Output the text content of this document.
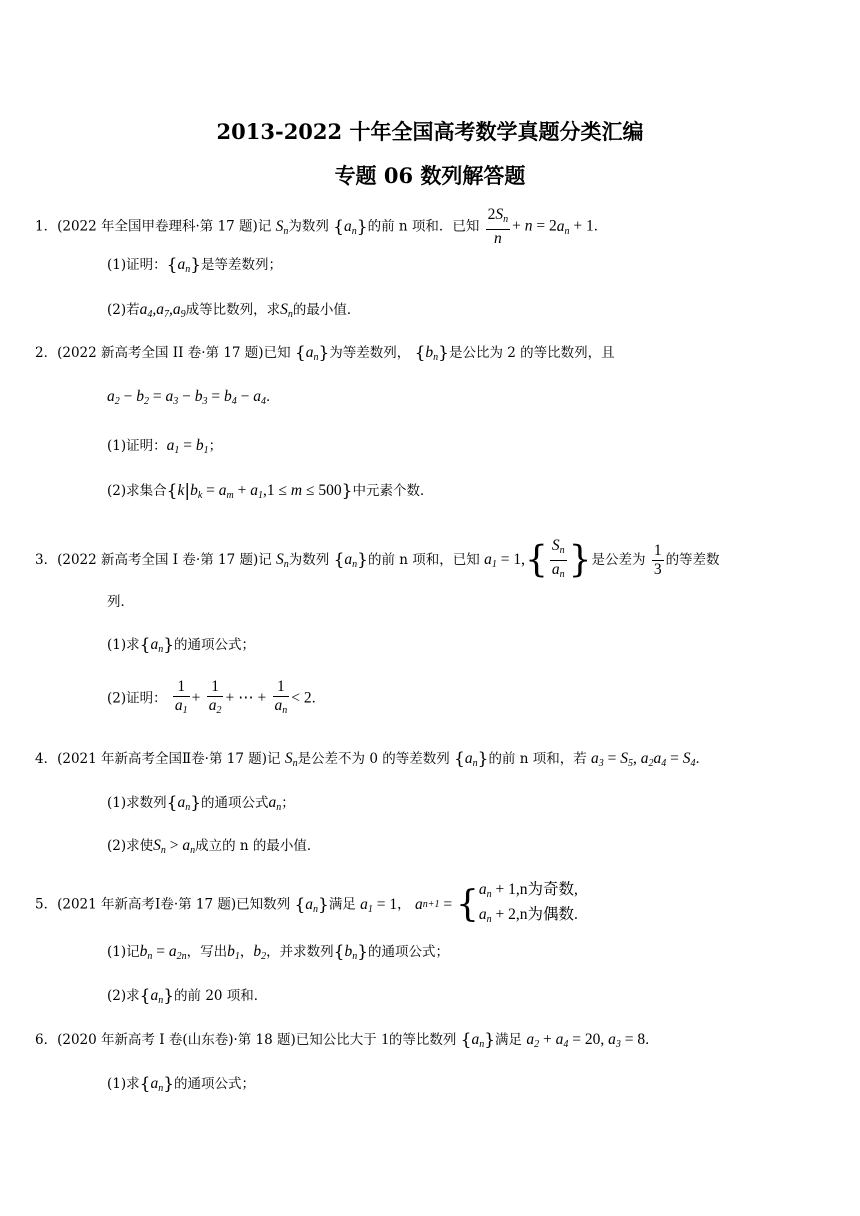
2013-2022 十年全国高考数学真题分类汇编
专题 06 数列解答题
1．(2022 年全国甲卷理科·第 17 题)记 $S_n$为数列 $\{a_n\}$的前 n 项和．已知 $\frac{2S_n}{n} + n = 2a_n + 1$．
(1)证明：$\{a_n\}$是等差数列；
(2)若$a_4,a_7,a_9$成等比数列，求$S_n$的最小值．
2．(2022 新高考全国 II 卷·第 17 题)已知 $\{a_n\}$为等差数列， $\{b_n\}$是公比为 2 的等比数列，且
$a_2 - b_2 = a_3 - b_3 = b_4 - a_4$．
(1)证明：$a_1 = b_1$；
(2)求集合$\{k|b_k = a_m + a_1,1 \le m \le 500\}$中元素个数．
3．(2022 新高考全国 I 卷·第 17 题)记 $S_n$为数列 $\{a_n\}$的前 n 项和，已知 $a_1 = 1,\{ \frac{S_n}{a_n}$ }是公差为 $\frac{1}{3}$ 的等差数
列．
(1)求$\{a_n\}$的通项公式；
(2)证明： $\frac{1}{a_1} + \frac{1}{a_2}$ + ⋯ + $\frac{1}{a_n} < 2$．
4．(2021 年新高考全国Ⅱ卷·第 17 题)记 $S_n$是公差不为 0 的等差数列 $\{a_n\}$的前 n 项和，若 $a_3 = S_5$, $a_2a_4 = S_4$．
(1)求数列$\{a_n\}$的通项公式$a_n$；
(2)求使$S_n > a_n$成立的 n 的最小值．
5．(2021 年新高考Ⅰ卷·第 17 题)已知数列 $\{a_n\}$满足 $a_1 = 1$， a n+1 = { $a_n + 1,n$为奇数,
$a_n + 2,n$为偶数.
(1)记$b_n = a_{2n}$，写出$b_1$，$b_2$，并求数列$\{b_n\}$的通项公式；
(2)求$\{a_n\}$的前 20 项和．
6．(2020 年新高考 I 卷(山东卷)·第 18 题)已知公比大于 1的等比数列 $\{a_n\}$满足 $a_2 + a_4 = 20$, $a_3 = 8$．
(1)求$\{a_n\}$的通项公式；
